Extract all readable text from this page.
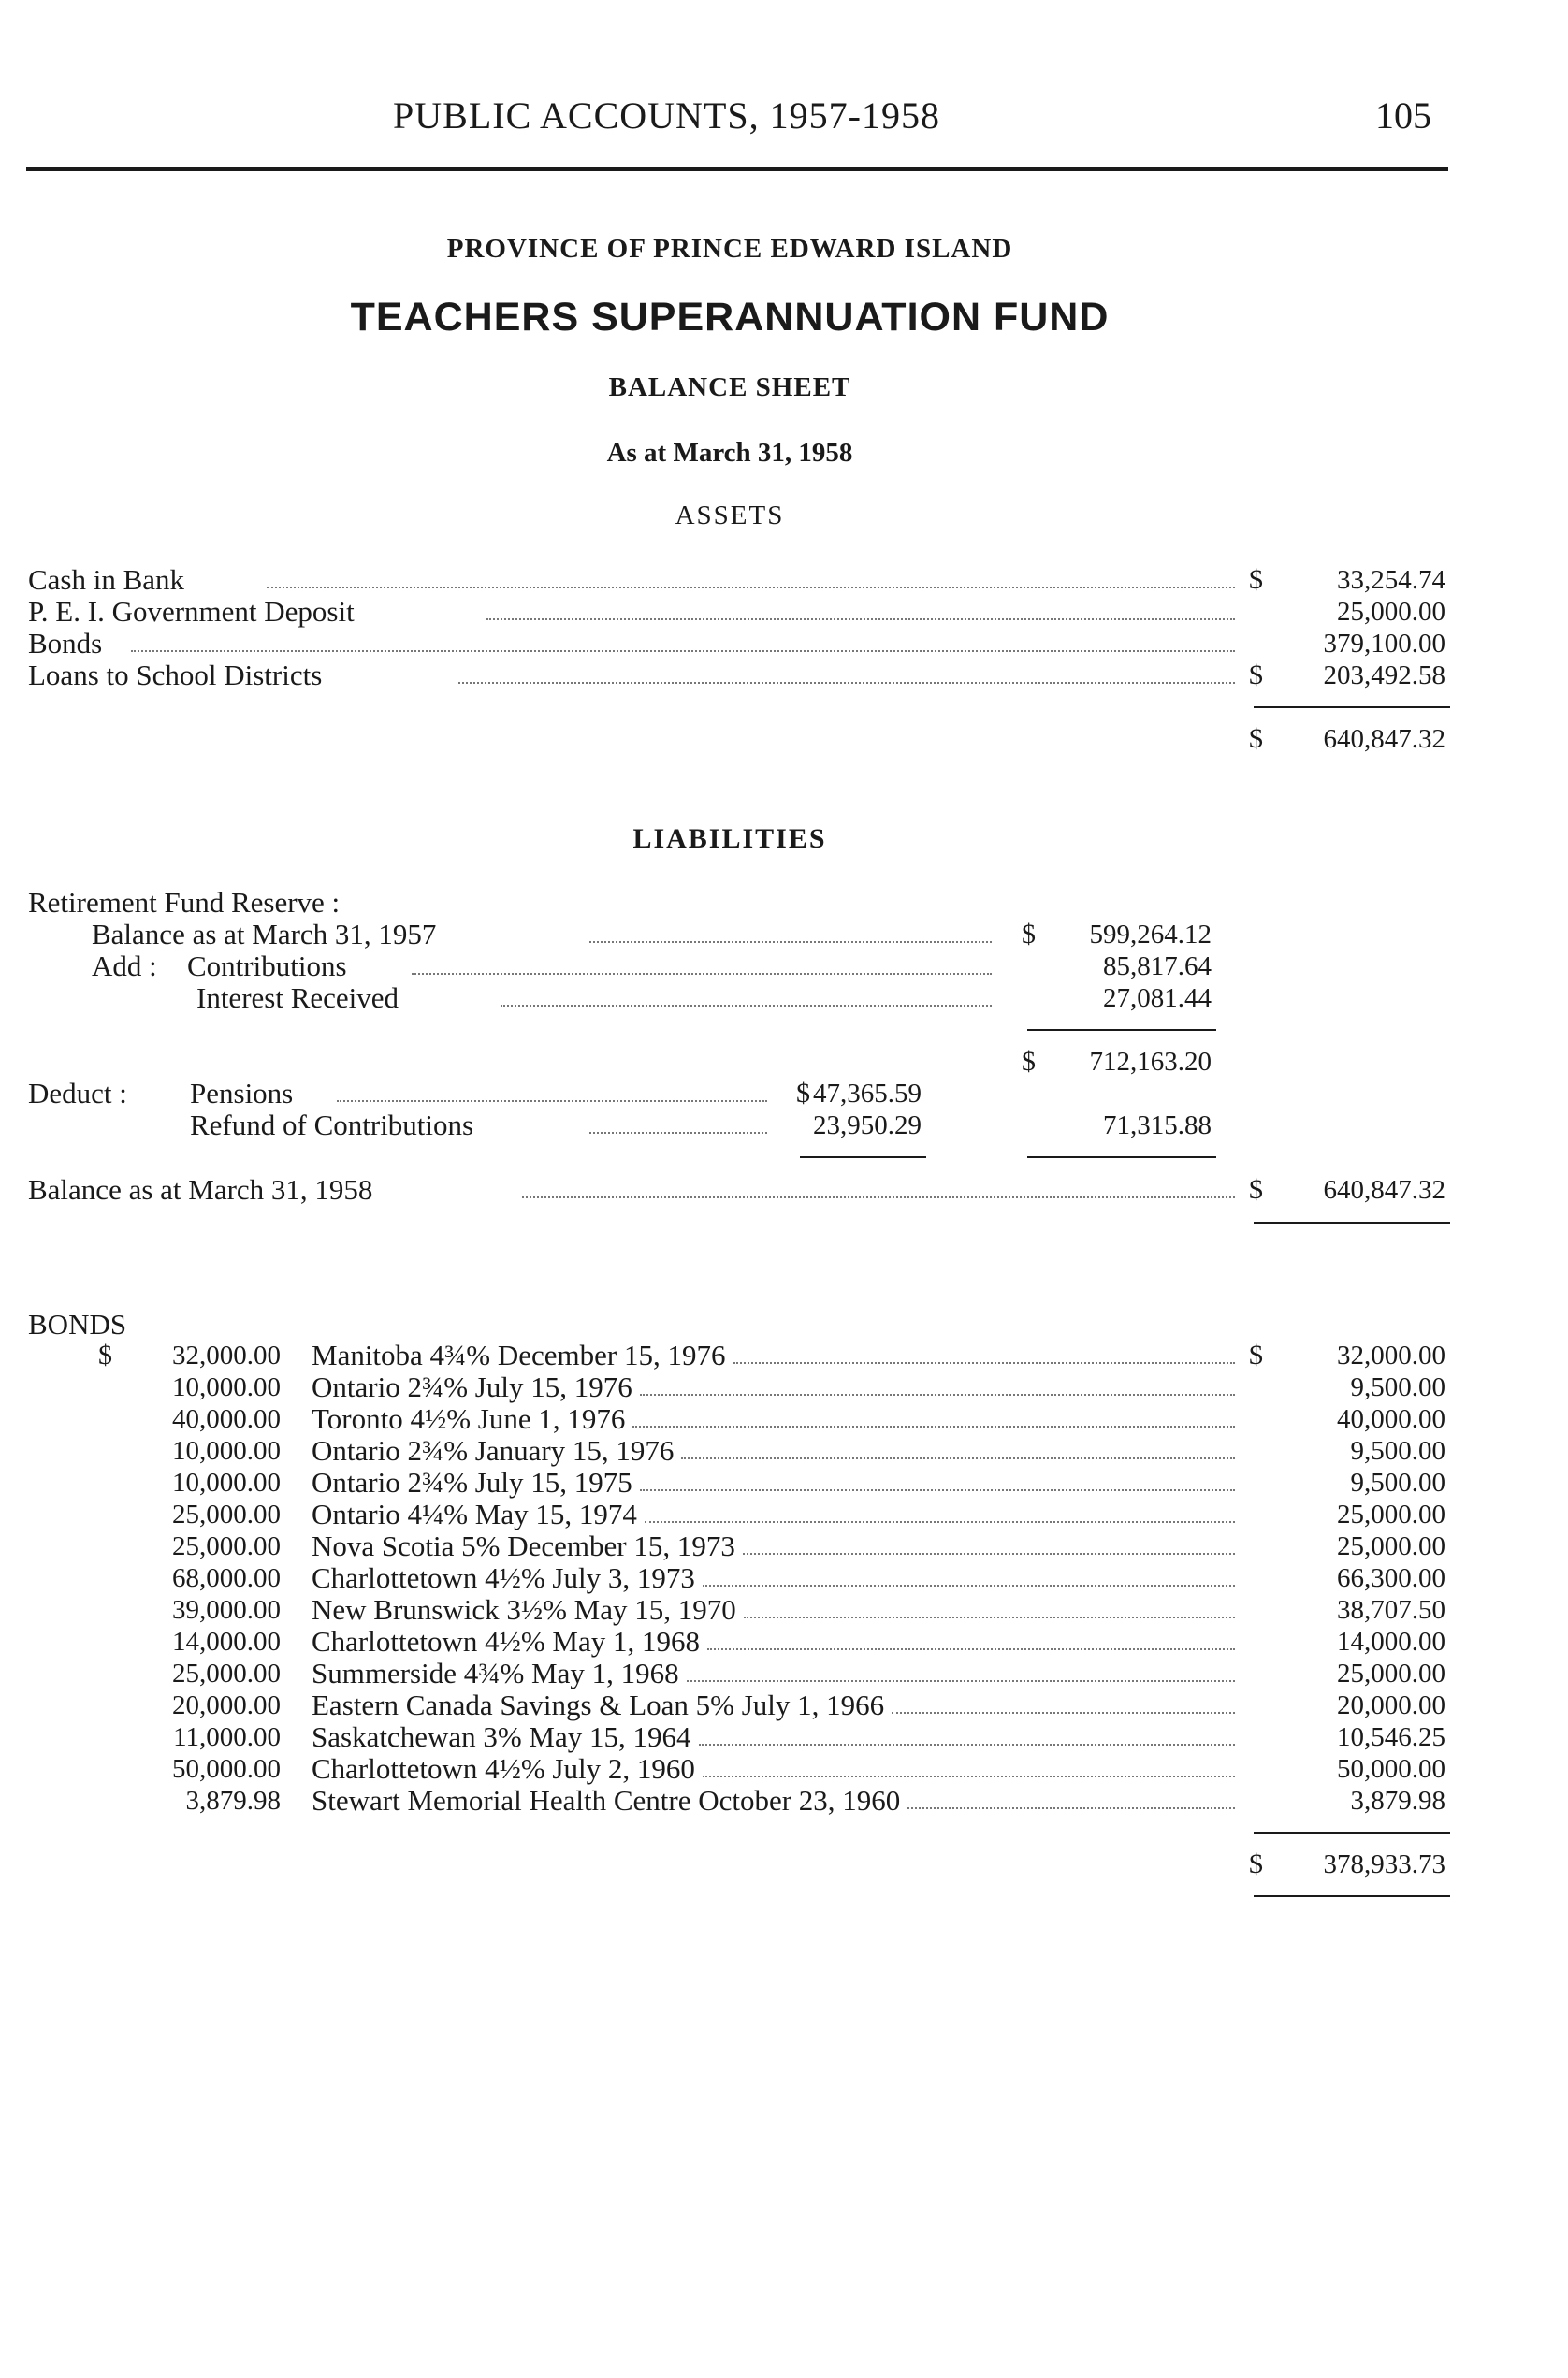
PUBLIC ACCOUNTS, 1957-1958	105
PROVINCE OF PRINCE EDWARD ISLAND
TEACHERS SUPERANNUATION FUND
BALANCE SHEET
As at March 31, 1958
ASSETS
Cash in Bank	$	33,254.74
P. E. I. Government Deposit	25,000.00
Bonds	379,100.00
Loans to School Districts	$	203,492.58
$	640,847.32
LIABILITIES
Retirement Fund Reserve :
Balance as at March 31, 1957	$	599,264.12
Add : Contributions	85,817.64
Interest Received	27,081.44
$	712,163.20
Deduct : Pensions	$ 47,365.59
Refund of Contributions	23,950.29	71,315.88
Balance as at March 31, 1958	$	640,847.32
BONDS
$	$
32,000.00 Manitoba 4¾% December 15, 1976	32,000.00
10,000.00 Ontario 2¾% July 15, 1976	9,500.00
40,000.00 Toronto 4½% June 1, 1976	40,000.00
10,000.00 Ontario 2¾% January 15, 1976	9,500.00
10,000.00 Ontario 2¾% July 15, 1975	9,500.00
25,000.00 Ontario 4¼% May 15, 1974	25,000.00
25,000.00 Nova Scotia 5% December 15, 1973	25,000.00
68,000.00 Charlottetown 4½% July 3, 1973	66,300.00
39,000.00 New Brunswick 3½% May 15, 1970	38,707.50
14,000.00 Charlottetown 4½% May 1, 1968	14,000.00
25,000.00 Summerside 4¾% May 1, 1968	25,000.00
20,000.00 Eastern Canada Savings & Loan 5% July 1, 1966	20,000.00
11,000.00 Saskatchewan 3% May 15, 1964	10,546.25
50,000.00 Charlottetown 4½% July 2, 1960	50,000.00
3,879.98 Stewart Memorial Health Centre October 23, 1960	3,879.98
$	378,933.73
